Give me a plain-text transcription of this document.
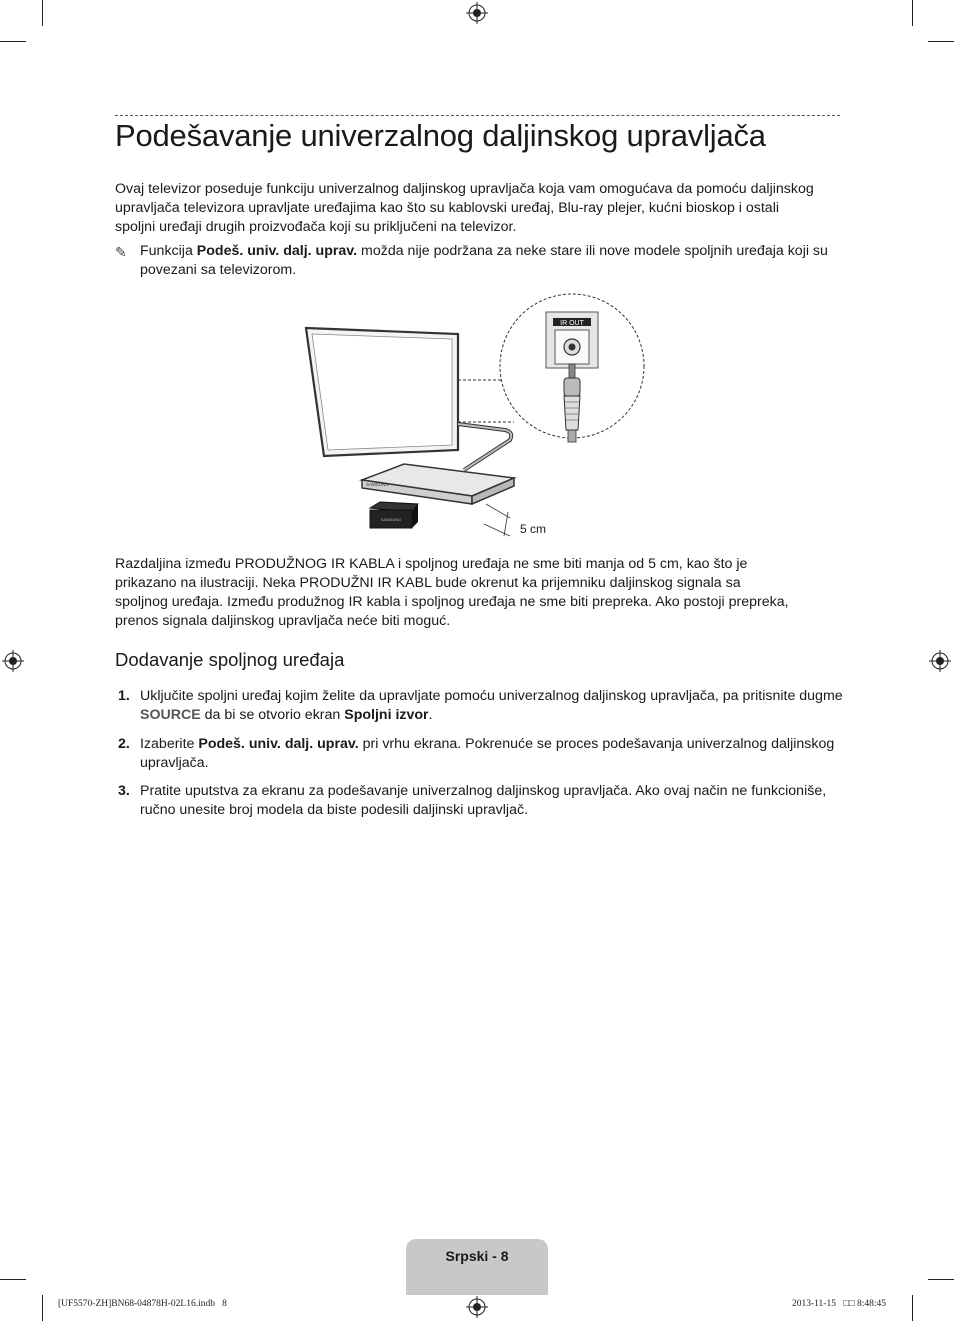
Podešavanje univerzalnog daljinskog upravljača

Ovaj televizor poseduje funkciju univerzalnog daljinskog upravljača koja vam omogućava da pomoću daljinskog upravljača televizora upravljate uređajima kao što su kablovski uređaj, Blu-ray plejer, kućni bioskop i ostali spoljni uređaji drugih proizvođača koji su priključeni na televizor.

✎ Funkcija Podeš. univ. dalj. uprav. možda nije podržana za neke stare ili nove modele spoljnih uređaja koji su povezani sa televizorom.
IR OUT
SAMSUNG
SAMSUNG
5 cm

Razdaljina između PRODUŽNOG IR KABLA i spoljnog uređaja ne sme biti manja od 5 cm, kao što je prikazano na ilustraciji. Neka PRODUŽNI IR KABL bude okrenut ka prijemniku daljinskog signala sa spoljnog uređaja. Između produžnog IR kabla i spoljnog uređaja ne sme biti prepreka. Ako postoji prepreka, prenos signala daljinskog upravljača neće biti moguć.

Dodavanje spoljnog uređaja
1. Uključite spoljni uređaj kojim želite da upravljate pomoću univerzalnog daljinskog upravljača, pa pritisnite dugme SOURCE da bi se otvorio ekran Spoljni izvor.
2. Izaberite Podeš. univ. dalj. uprav. pri vrhu ekrana. Pokrenuće se proces podešavanja univerzalnog daljinskog upravljača.
3. Pratite uputstva za ekranu za podešavanje univerzalnog daljinskog upravljača. Ako ovaj način ne funkcioniše, ručno unesite broj modela da biste podesili daljinski upravljač.
Srpski - 8
[UF5570-ZH]BN68-04878H-02L16.indb   8	2013-11-15   □□ 8:48:45
